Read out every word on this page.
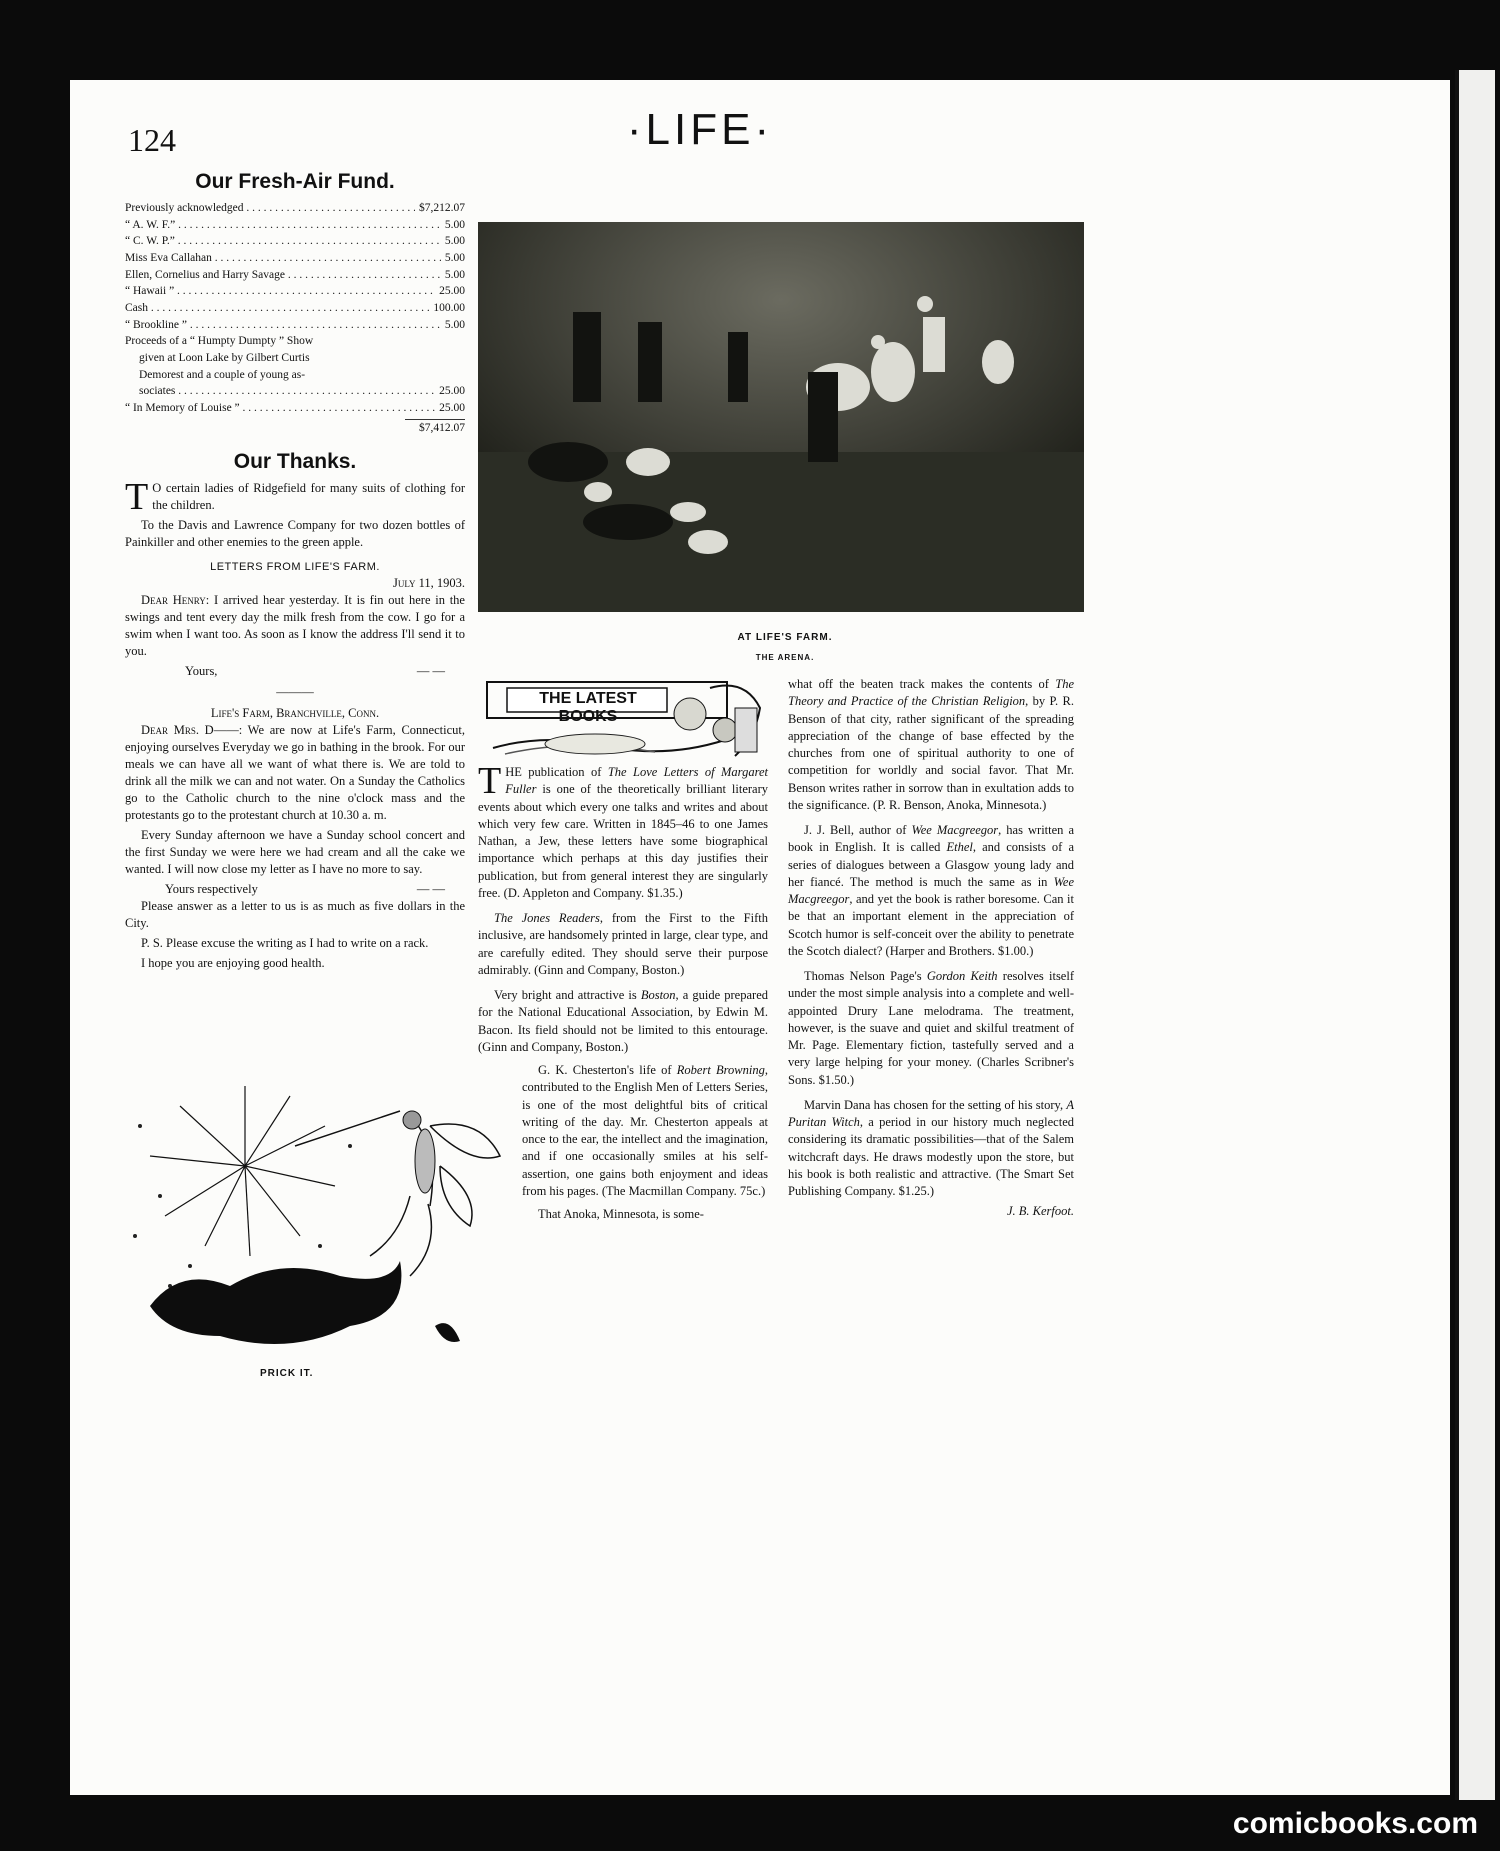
124	·LIFE·
Our Fresh-Air Fund.
Previously acknowledged . . .	$7,212.07
“ A. W. F.” . . .	5.00
“ C. W. P.” . . .	5.00
Miss Eva Callahan . . .	5.00
Ellen, Cornelius and Harry Savage . . .	5.00
“ Hawaii ” . . .	25.00
Cash . . .	100.00
“ Brookline ” . . .	5.00
Proceeds of a “ Humpty Dumpty ” Show
given at Loon Lake by Gilbert Curtis
Demorest and a couple of young as-
sociates . . .	25.00
“ In Memory of Louise ” . . .	25.00
$7,412.07
Our Thanks.

T O certain ladies of Ridgefield for many suits of clothing for the children.

To the Davis and Lawrence Company for two dozen bottles of Painkiller and other enemies to the green apple.

LETTERS FROM LIFE'S FARM.
July 11, 1903.

Dear Henry: I arrived hear yesterday. It is fin out here in the swings and tent every day the milk fresh from the cow. I go for a swim when I want too. As soon as I know the address I'll send it to you.

Yours,	— —
———
Life's Farm, Branchville, Conn.

Dear Mrs. D——: We are now at Life's Farm, Connecticut, enjoying ourselves Everyday we go in bathing in the brook. For our meals we can have all we want of what there is. We are told to drink all the milk we can and not water. On a Sunday the Catholics go to the Catholic church to the nine o'clock mass and the protestants go to the protestant church at 10.30 a. m.

Every Sunday afternoon we have a Sunday school concert and the first Sunday we were here we had cream and all the cake we wanted. I will now close my letter as I have no more to say.

Yours respectively	— —

Please answer as a letter to us is as much as five dollars in the City.

P. S. Please excuse the writing as I had to write on a rack.

I hope you are enjoying good health.

AT LIFE'S FARM.
THE ARENA.
THE LATEST BOOKS

THE publication of The Love Letters of Margaret Fuller is one of the theoretically brilliant literary events about which every one talks and writes and about which very few care. Written in 1845–46 to one James Nathan, a Jew, these letters have some biographical importance which perhaps at this day justifies their publication, but from general interest they are singularly free. (D. Appleton and Company. $1.35.)

The Jones Readers, from the First to the Fifth inclusive, are handsomely printed in large, clear type, and are carefully edited. They should serve their purpose admirably. (Ginn and Company, Boston.)

Very bright and attractive is Boston, a guide prepared for the National Educational Association, by Edwin M. Bacon. Its field should not be limited to this entourage. (Ginn and Company, Boston.)

G. K. Chesterton's life of Robert Browning, contributed to the English Men of Letters Series, is one of the most delightful bits of critical writing of the day. Mr. Chesterton appeals at once to the ear, the intellect and the imagination, and if one occasionally smiles at his self-assertion, one gains both enjoyment and ideas from his pages. (The Macmillan Company. 75c.)

That Anoka, Minnesota, is some-

what off the beaten track makes the contents of The Theory and Practice of the Christian Religion, by P. R. Benson of that city, rather significant of the spreading appreciation of the change of base effected by the churches from one of spiritual authority to one of competition for worldly and social favor. That Mr. Benson writes rather in sorrow than in exultation adds to the significance. (P. R. Benson, Anoka, Minnesota.)

J. J. Bell, author of Wee Macgreegor, has written a book in English. It is called Ethel, and consists of a series of dialogues between a Glasgow young lady and her fiancé. The method is much the same as in Wee Macgreegor, and yet the book is rather boresome. Can it be that an important element in the appreciation of Scotch humor is self-conceit over the ability to penetrate the Scotch dialect? (Harper and Brothers. $1.00.)

Thomas Nelson Page's Gordon Keith resolves itself under the most simple analysis into a complete and well-appointed Drury Lane melodrama. The treatment, however, is the suave and quiet and skilful treatment of Mr. Page. Elementary fiction, tastefully served and a very large helping for your money. (Charles Scribner's Sons. $1.50.)

Marvin Dana has chosen for the setting of his story, A Puritan Witch, a period in our history much neglected considering its dramatic possibilities—that of the Salem witchcraft days. He draws modestly upon the store, but his book is both realistic and attractive. (The Smart Set Publishing Company. $1.25.)

J. B. Kerfoot.
PRICK IT.
comicbooks.com
